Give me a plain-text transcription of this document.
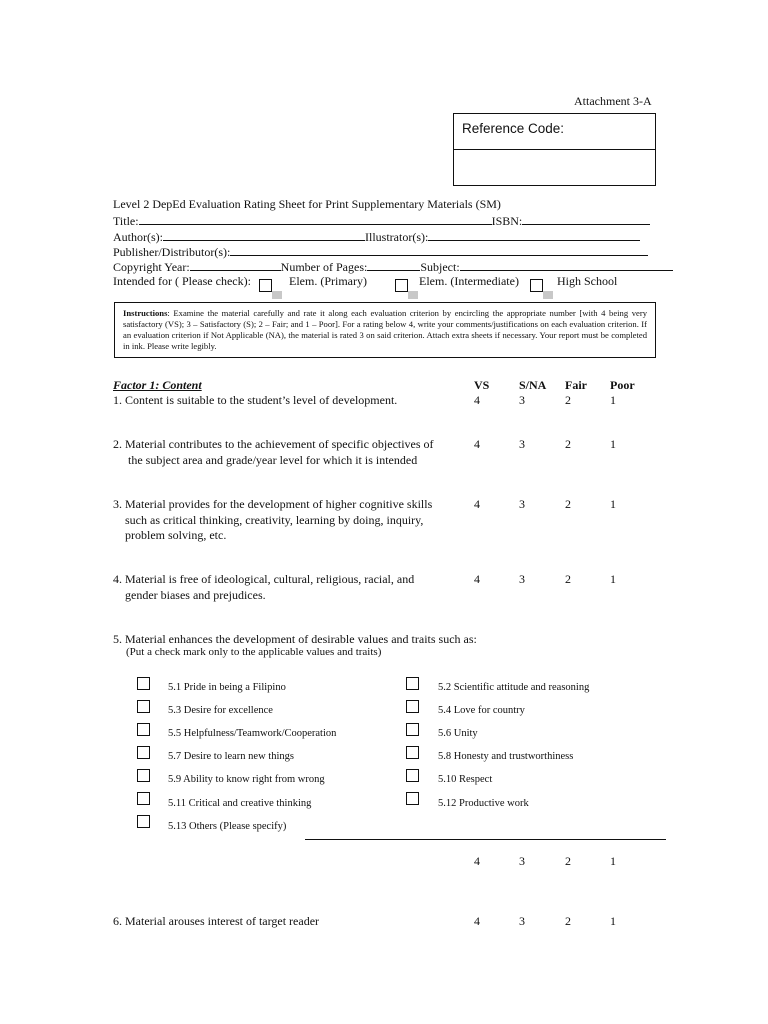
Attachment 3-A
Reference Code:
Level 2 DepEd Evaluation Rating Sheet for Print Supplementary Materials (SM)
Title:	ISBN:
Author(s):	Illustrator(s):
Publisher/Distributor(s):
Copyright Year:	Number of Pages:	Subject:
Intended for ( Please check):	Elem. (Primary)	Elem. (Intermediate)	High School
Instructions: Examine the material carefully and rate it along each evaluation criterion by encircling the appropriate number [with 4 being very satisfactory (VS); 3 – Satisfactory (S); 2 – Fair; and 1 – Poor]. For a rating below 4, write your comments/justifications on each evaluation criterion. If an evaluation criterion if Not Applicable (NA), the material is rated 3 on said criterion. Attach extra sheets if necessary. Your report must be completed in ink. Please write legibly.
Factor 1: Content	VS S/NA Fair Poor
1. Content is suitable to the student’s level of development.	4	3	2	1
2. Material contributes to the achievement of specific objectives of
the subject area and grade/year level for which it is intended
4	3	2	1
3. Material provides for the development of higher cognitive skills
such as critical thinking, creativity, learning by doing, inquiry,
problem solving, etc.
4	3	2	1
4. Material is free of ideological, cultural, religious, racial, and
gender biases and prejudices.
4	3	2	1
5. Material enhances the development of desirable values and traits such as:
(Put a check mark only to the applicable values and traits)
5.1 Pride in being a Filipino
5.3 Desire for excellence
5.5 Helpfulness/Teamwork/Cooperation
5.7 Desire to learn new things
5.9 Ability to know right from wrong
5.11 Critical and creative thinking
5.13 Others (Please specify)
5.2 Scientific attitude and reasoning
5.4 Love for country
5.6 Unity
5.8 Honesty and trustworthiness
5.10 Respect
5.12 Productive work
4	3	2	1
6. Material arouses interest of target reader	4	3	2	1
